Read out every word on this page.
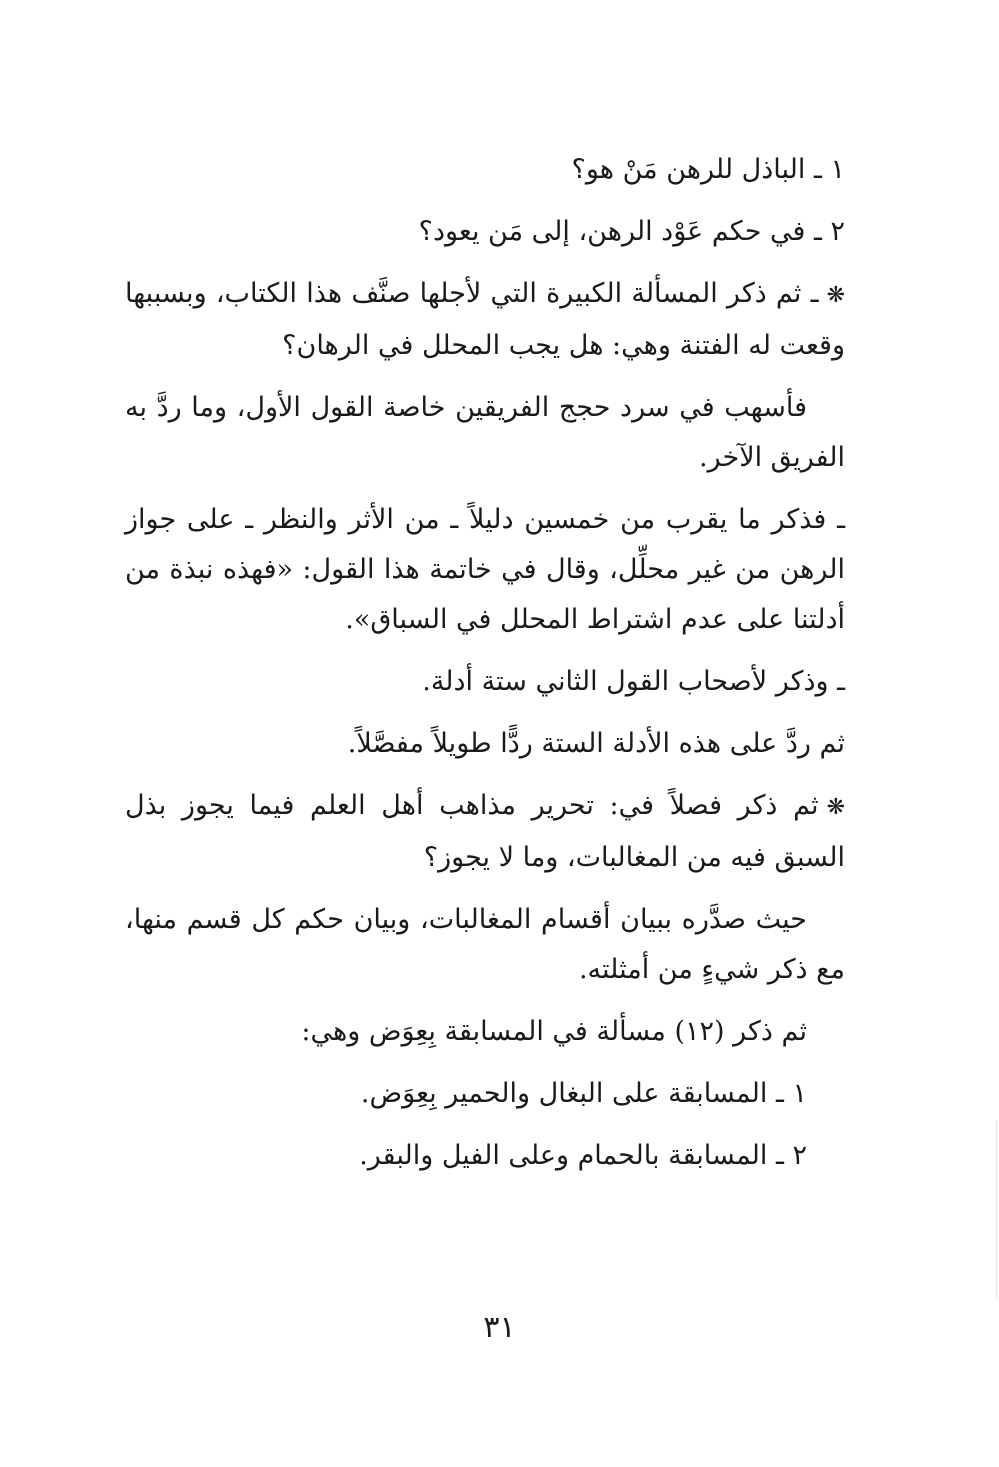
١ ـ الباذل للرهن مَنْ هو؟

٢ ـ في حكم عَوْد الرهن، إلى مَن يعود؟

❋ـ ثم ذكر المسألة الكبيرة التي لأجلها صنَّف هذا الكتاب، وبسببها وقعت له الفتنة وهي: هل يجب المحلل في الرهان؟

فأسهب في سرد حجج الفريقين خاصة القول الأول، وما ردَّ به الفريق الآخر.

ـ فذكر ما يقرب من خمسين دليلاً ـ من الأثر والنظر ـ على جواز الرهن من غير محلِّل، وقال في خاتمة هذا القول: «فهذه نبذة من أدلتنا على عدم اشتراط المحلل في السباق».

ـ وذكر لأصحاب القول الثاني ستة أدلة.

ثم ردَّ على هذه الأدلة الستة ردًّا طويلاً مفصَّلاً.

❋ثم ذكر فصلاً في: تحرير مذاهب أهل العلم فيما يجوز بذل السبق فيه من المغالبات، وما لا يجوز؟

حيث صدَّره ببيان أقسام المغالبات، وبيان حكم كل قسم منها، مع ذكر شيءٍ من أمثلته.

ثم ذكر (١٢) مسألة في المسابقة بِعِوَض وهي:

١ ـ المسابقة على البغال والحمير بِعِوَض.

٢ ـ المسابقة بالحمام وعلى الفيل والبقر.

٣١
